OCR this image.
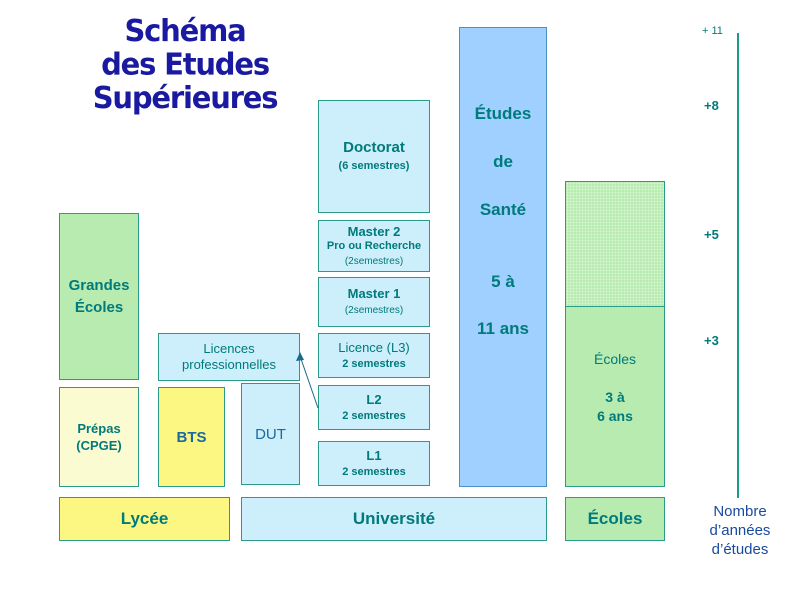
Schéma
des Etudes Supérieures
Grandes
Écoles
Prépas
(CPGE)	BTS
Licences
professionnelles
DUT
Doctorat
(6 semestres)
Master 2
Pro ou Recherche
(2semestres)
Master 1
(2semestres)
Licence (L3)
2 semestres
L2
2 semestres
L1
2 semestres
Études
de
Santé
5 à
11 ans
Écoles
3 à
6 ans
Lycée	Université	Écoles
+ 11
+8
+5
+3
Nombre
d’années
d’études
